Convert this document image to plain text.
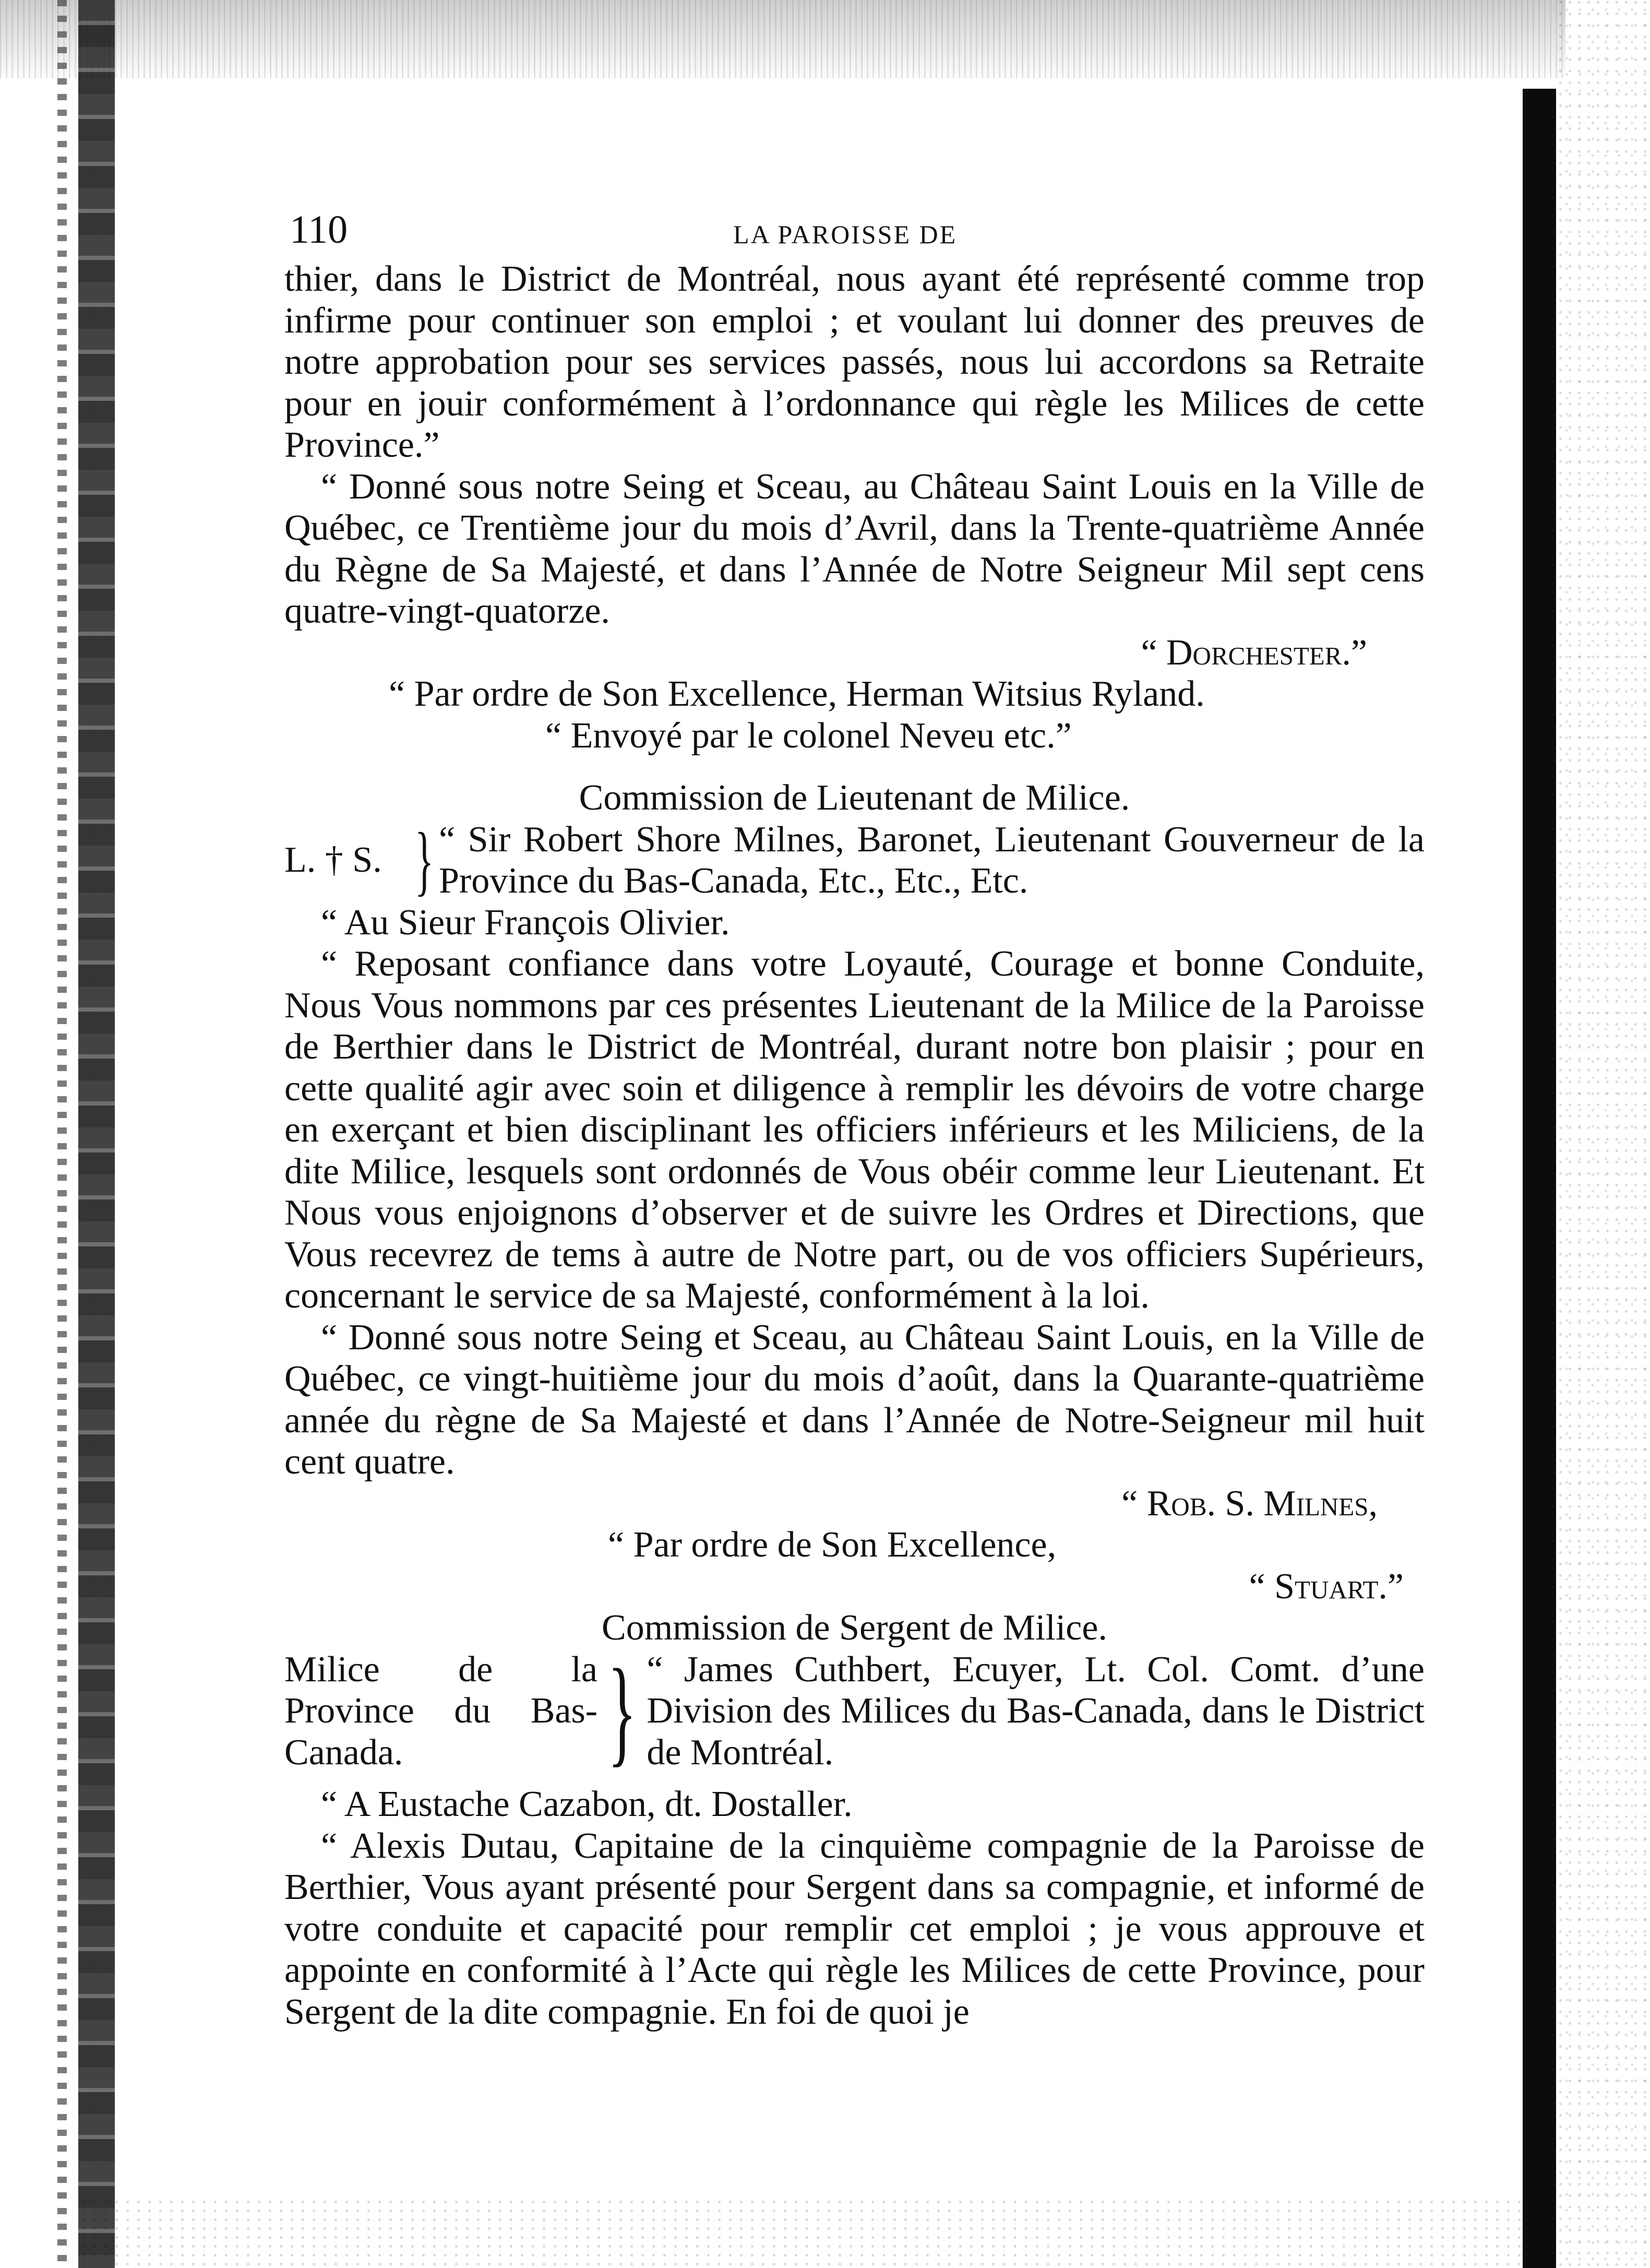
110	LA PAROISSE DE

thier, dans le District de Montréal, nous ayant été représenté comme trop infirme pour continuer son emploi ; et voulant lui donner des preuves de notre approbation pour ses services passés, nous lui accordons sa Retraite pour en jouir conformément à l’ordonnance qui règle les Milices de cette Province.”

“ Donné sous notre Seing et Sceau, au Château Saint Louis en la Ville de Québec, ce Trentième jour du mois d’Avril, dans la Trente-quatrième Année du Règne de Sa Majesté, et dans l’Année de Notre Seigneur Mil sept cens quatre-vingt-quatorze.

“ Dorchester.”

“ Par ordre de Son Excellence, Herman Witsius Ryland.

“ Envoyé par le colonel Neveu etc.”

Commission de Lieutenant de Milice.

L. † S. } “ Sir Robert Shore Milnes, Baronet, Lieutenant Gouverneur de la Province du Bas-Canada, Etc., Etc., Etc.

“ Au Sieur François Olivier.

“ Reposant confiance dans votre Loyauté, Courage et bonne Conduite, Nous Vous nommons par ces présentes Lieutenant de la Milice de la Paroisse de Berthier dans le District de Montréal, durant notre bon plaisir ; pour en cette qualité agir avec soin et diligence à remplir les dévoirs de votre charge en exerçant et bien disciplinant les officiers inférieurs et les Miliciens, de la dite Milice, lesquels sont ordonnés de Vous obéir comme leur Lieutenant. Et Nous vous enjoignons d’observer et de suivre les Ordres et Directions, que Vous recevrez de tems à autre de Notre part, ou de vos officiers Supérieurs, concernant le service de sa Majesté, conformément à la loi.

“ Donné sous notre Seing et Sceau, au Château Saint Louis, en la Ville de Québec, ce vingt-huitième jour du mois d’août, dans la Quarante-quatrième année du règne de Sa Majesté et dans l’Année de Notre-Seigneur mil huit cent quatre.

“ Rob. S. Milnes,

“ Par ordre de Son Excellence,

“ Stuart.”

Commission de Sergent de Milice.

Milice de la Province du Bas-Canada.	} “ James Cuthbert, Ecuyer, Lt. Col. Comt. d’une Division des Milices du Bas-Canada, dans le District de Montréal.

“ A Eustache Cazabon, dt. Dostaller.

“ Alexis Dutau, Capitaine de la cinquième compagnie de la Paroisse de Berthier, Vous ayant présenté pour Sergent dans sa compagnie, et informé de votre conduite et capacité pour remplir cet emploi ; je vous approuve et appointe en conformité à l’Acte qui règle les Milices de cette Province, pour Sergent de la dite compagnie. En foi de quoi je
